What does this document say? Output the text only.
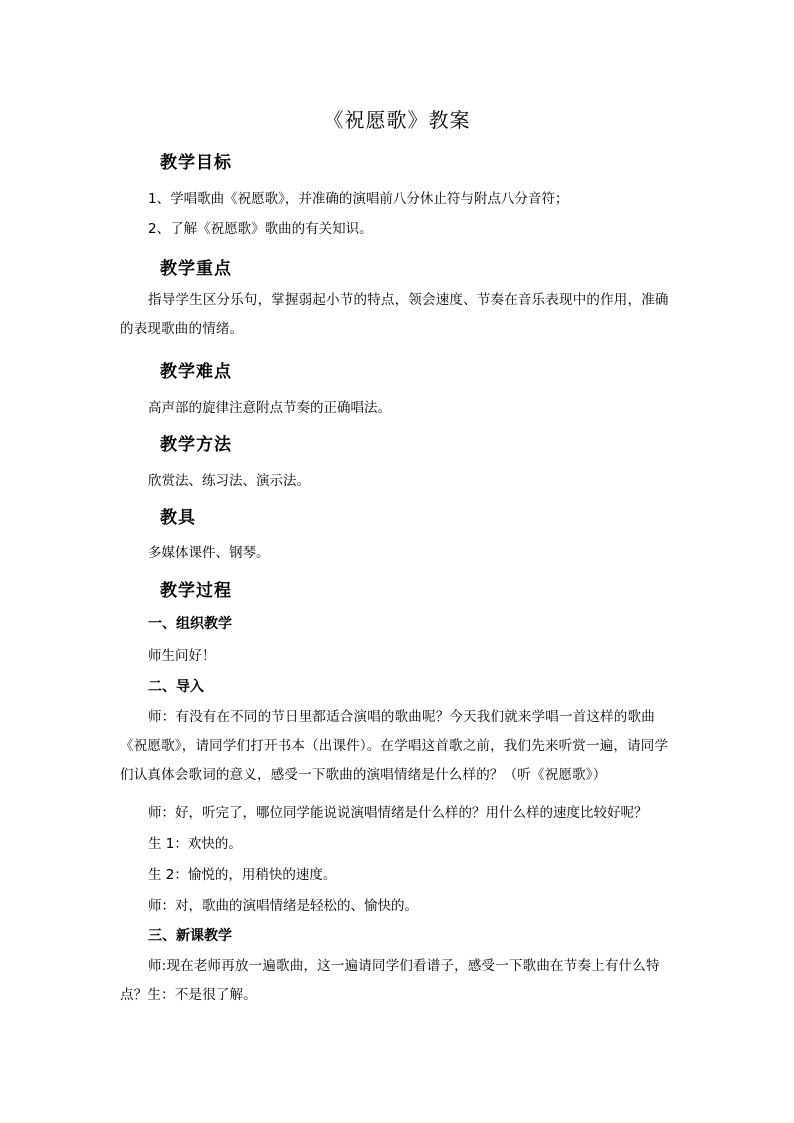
《祝愿歌》教案
教学目标
1、学唱歌曲《祝愿歌》，并准确的演唱前八分休止符与附点八分音符；
2、了解《祝愿歌》歌曲的有关知识。
教学重点
指导学生区分乐句，掌握弱起小节的特点，领会速度、节奏在音乐表现中的作用，准确的表现歌曲的情绪。
教学难点
高声部的旋律注意附点节奏的正确唱法。
教学方法
欣赏法、练习法、演示法。
教具
多媒体课件、钢琴。
教学过程
一、组织教学
师生问好！
二、导入
师：有没有在不同的节日里都适合演唱的歌曲呢？今天我们就来学唱一首这样的歌曲《祝愿歌》，请同学们打开书本（出课件）。在学唱这首歌之前，我们先来听赏一遍，请同学们认真体会歌词的意义，感受一下歌曲的演唱情绪是什么样的？（听《祝愿歌》）
师：好，听完了，哪位同学能说说演唱情绪是什么样的？用什么样的速度比较好呢？
生 1：欢快的。
生 2：愉悦的，用稍快的速度。
师：对，歌曲的演唱情绪是轻松的、愉快的。
三、新课教学
师:现在老师再放一遍歌曲，这一遍请同学们看谱子，感受一下歌曲在节奏上有什么特点？生：不是很了解。
